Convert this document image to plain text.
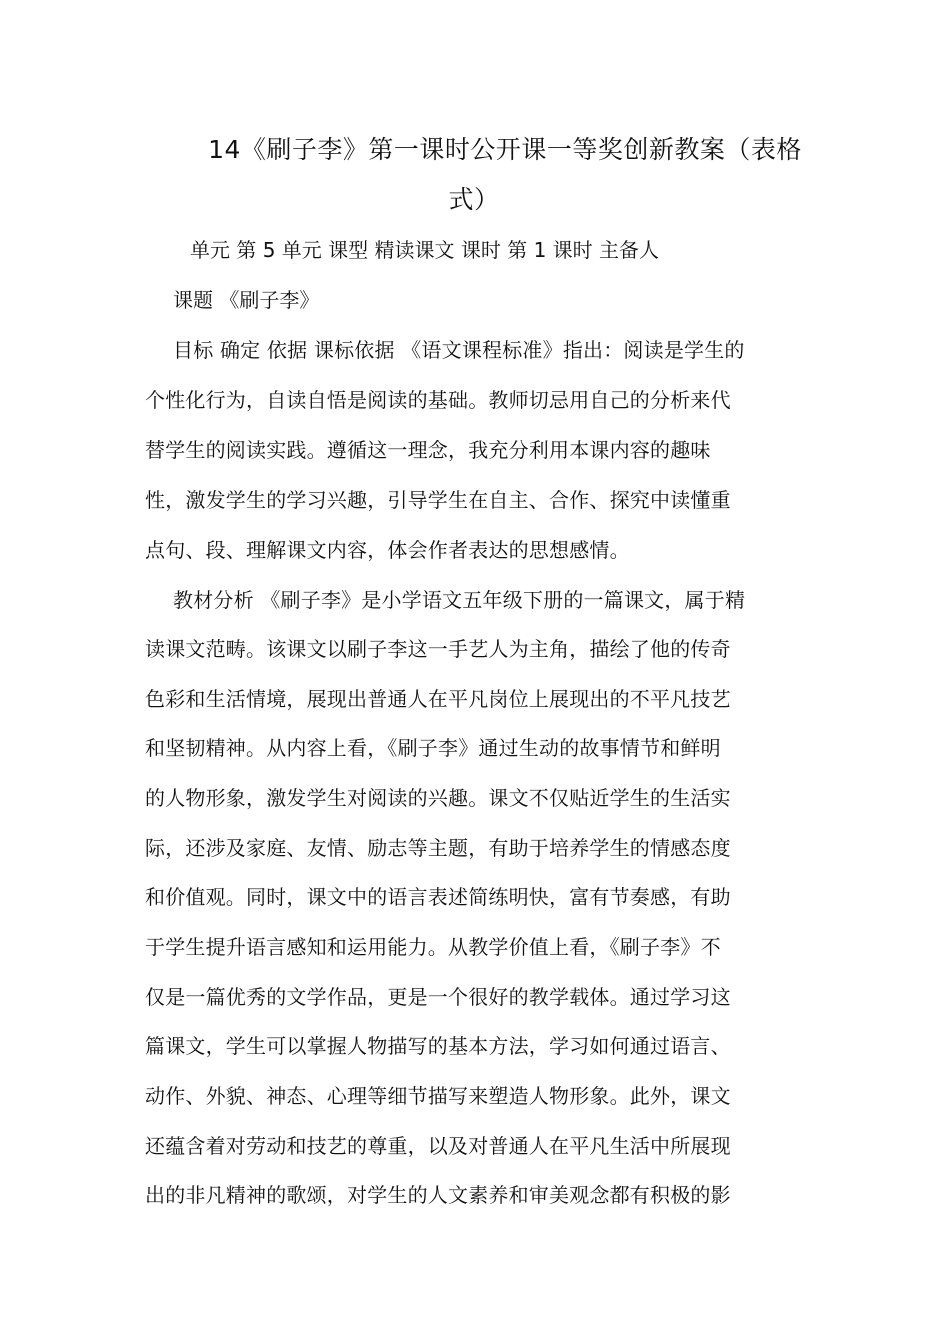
14《刷子李》第一课时公开课一等奖创新教案（表格
式）

单元 第 5 单元 课型 精读课文 课时 第 1 课时 主备人

课题 《刷子李》

目标 确定 依据 课标依据 《语文课程标准》指出：阅读是学生的

个性化行为，自读自悟是阅读的基础。教师切忌用自己的分析来代

替学生的阅读实践。遵循这一理念，我充分利用本课内容的趣味

性，激发学生的学习兴趣，引导学生在自主、合作、探究中读懂重

点句、段、理解课文内容，体会作者表达的思想感情。

教材分析 《刷子李》是小学语文五年级下册的一篇课文，属于精

读课文范畴。该课文以刷子李这一手艺人为主角，描绘了他的传奇

色彩和生活情境，展现出普通人在平凡岗位上展现出的不平凡技艺

和坚韧精神。从内容上看，《刷子李》通过生动的故事情节和鲜明

的人物形象，激发学生对阅读的兴趣。课文不仅贴近学生的生活实

际，还涉及家庭、友情、励志等主题，有助于培养学生的情感态度

和价值观。同时，课文中的语言表述简练明快，富有节奏感，有助

于学生提升语言感知和运用能力。从教学价值上看，《刷子李》不

仅是一篇优秀的文学作品，更是一个很好的教学载体。通过学习这

篇课文，学生可以掌握人物描写的基本方法，学习如何通过语言、

动作、外貌、神态、心理等细节描写来塑造人物形象。此外，课文

还蕴含着对劳动和技艺的尊重，以及对普通人在平凡生活中所展现

出的非凡精神的歌颂，对学生的人文素养和审美观念都有积极的影
